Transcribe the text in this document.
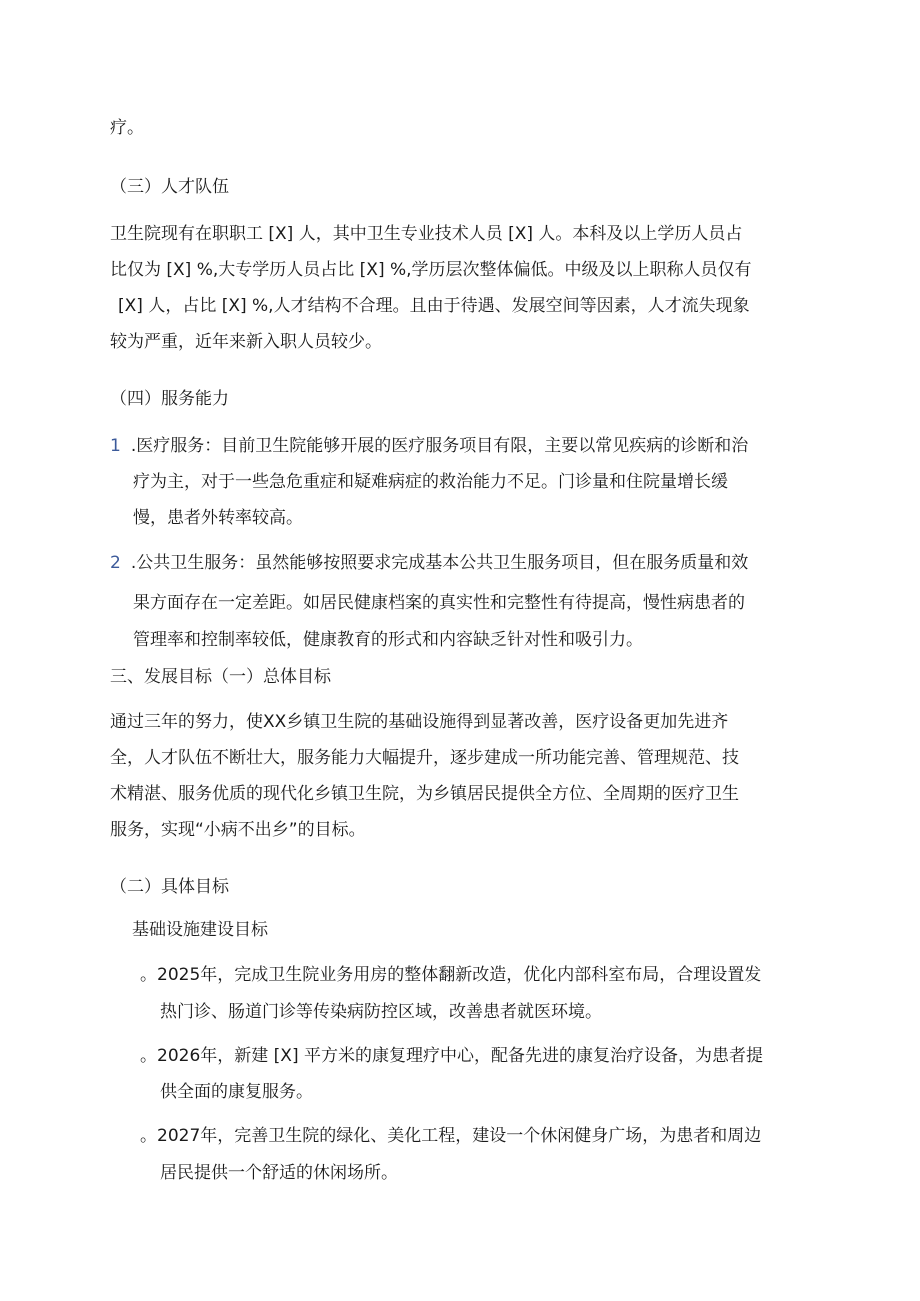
疗。
（三）人才队伍
卫生院现有在职职工 [X] 人，其中卫生专业技术人员 [X] 人。本科及以上学历人员占
比仅为 [X] %,大专学历人员占比 [X] %,学历层次整体偏低。中级及以上职称人员仅有
[X] 人，占比 [X] %,人才结构不合理。且由于待遇、发展空间等因素，人才流失现象
较为严重，近年来新入职人员较少。
（四）服务能力
1 .医疗服务：目前卫生院能够开展的医疗服务项目有限，主要以常见疾病的诊断和治
疗为主，对于一些急危重症和疑难病症的救治能力不足。门诊量和住院量增长缓
慢，患者外转率较高。
2 .公共卫生服务：虽然能够按照要求完成基本公共卫生服务项目，但在服务质量和效
果方面存在一定差距。如居民健康档案的真实性和完整性有待提高，慢性病患者的
管理率和控制率较低，健康教育的形式和内容缺乏针对性和吸引力。
三、发展目标（一）总体目标
通过三年的努力，使XX乡镇卫生院的基础设施得到显著改善，医疗设备更加先进齐
全，人才队伍不断壮大，服务能力大幅提升，逐步建成一所功能完善、管理规范、技
术精湛、服务优质的现代化乡镇卫生院，为乡镇居民提供全方位、全周期的医疗卫生
服务，实现“小病不出乡”的目标。
（二）具体目标
基础设施建设目标
。2025年，完成卫生院业务用房的整体翻新改造，优化内部科室布局，合理设置发
热门诊、肠道门诊等传染病防控区域，改善患者就医环境。
。2026年，新建 [X] 平方米的康复理疗中心，配备先进的康复治疗设备，为患者提
供全面的康复服务。
。2027年，完善卫生院的绿化、美化工程，建设一个休闲健身广场，为患者和周边
居民提供一个舒适的休闲场所。
